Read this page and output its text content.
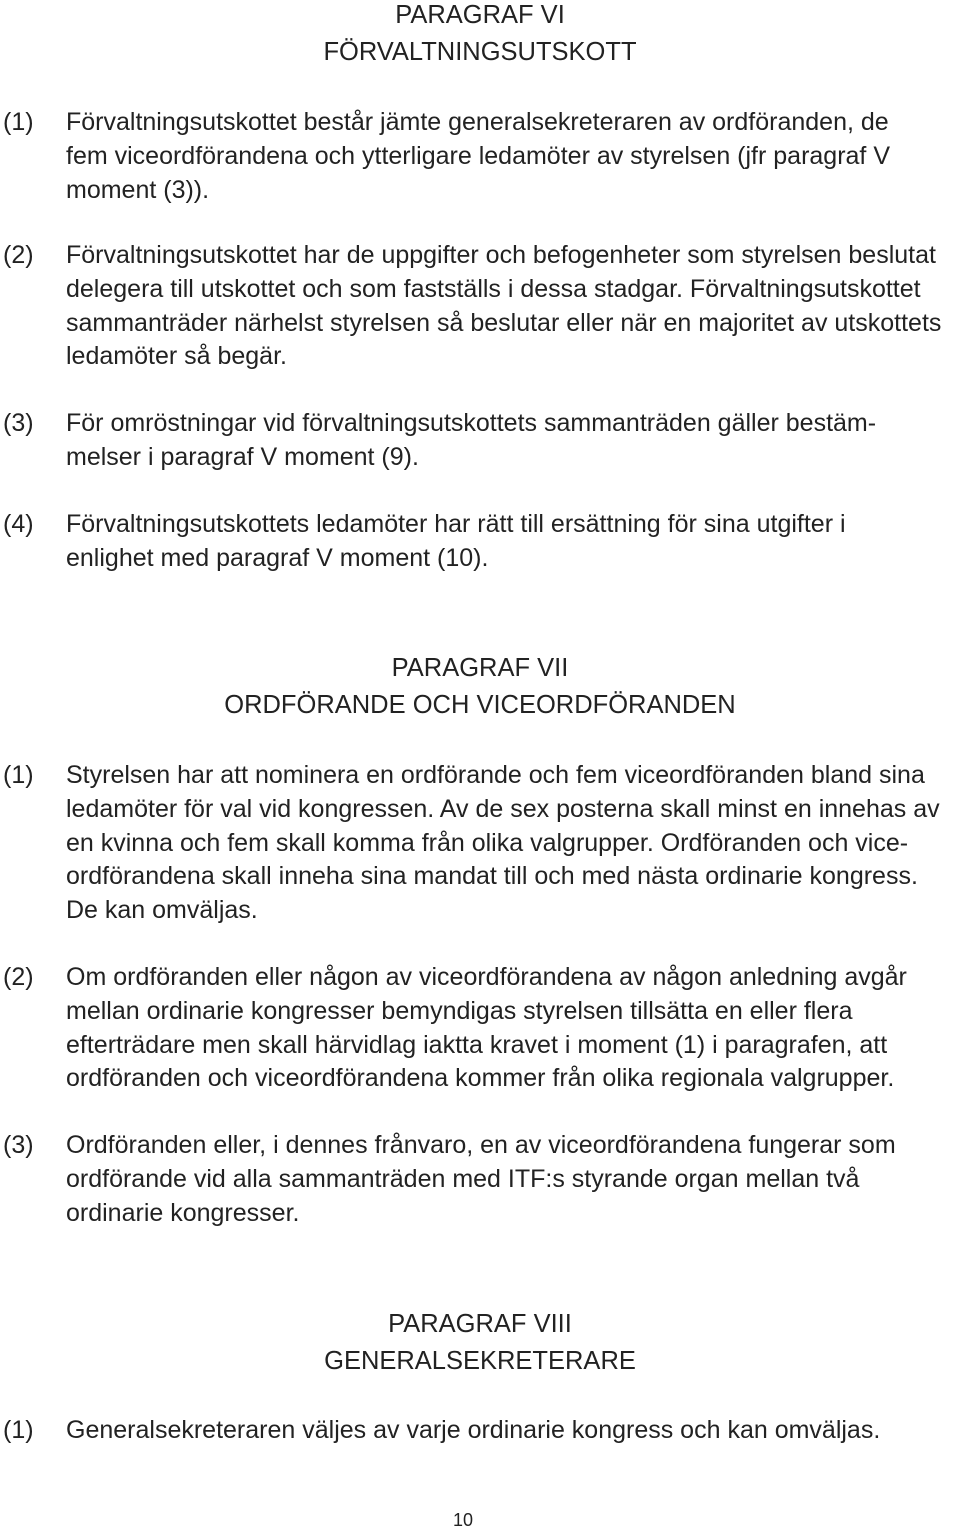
PARAGRAF VI
FÖRVALTNINGSUTSKOTT
(1) Förvaltningsutskottet består jämte generalsekreteraren av ordföranden, de
fem viceordförandena och ytterligare ledamöter av styrelsen (jfr paragraf V
moment (3)).
(2) Förvaltningsutskottet har de uppgifter och befogenheter som styrelsen beslutat
delegera till utskottet och som fastställs i dessa stadgar. Förvaltningsutskottet
sammanträder närhelst styrelsen så beslutar eller när en majoritet av utskottets
ledamöter så begär.
(3) För omröstningar vid förvaltningsutskottets sammanträden gäller bestäm-
melser i paragraf V moment (9).
(4) Förvaltningsutskottets ledamöter har rätt till ersättning för sina utgifter i
enlighet med paragraf V moment (10).
PARAGRAF VII
ORDFÖRANDE OCH VICEORDFÖRANDEN
(1) Styrelsen har att nominera en ordförande och fem viceordföranden bland sina
ledamöter för val vid kongressen. Av de sex posterna skall minst en innehas av
en kvinna och fem skall komma från olika valgrupper. Ordföranden och vice-
ordförandena skall inneha sina mandat till och med nästa ordinarie kongress.
De kan omväljas.
(2) Om ordföranden eller någon av viceordförandena av någon anledning avgår
mellan ordinarie kongresser bemyndigas styrelsen tillsätta en eller flera
efterträdare men skall härvidlag iaktta kravet i moment (1) i paragrafen, att
ordföranden och viceordförandena kommer från olika regionala valgrupper.
(3) Ordföranden eller, i dennes frånvaro, en av viceordförandena fungerar som
ordförande vid alla sammanträden med ITF:s styrande organ mellan två
ordinarie kongresser.
PARAGRAF VIII
GENERALSEKRETERARE
(1) Generalsekreteraren väljes av varje ordinarie kongress och kan omväljas.
10
